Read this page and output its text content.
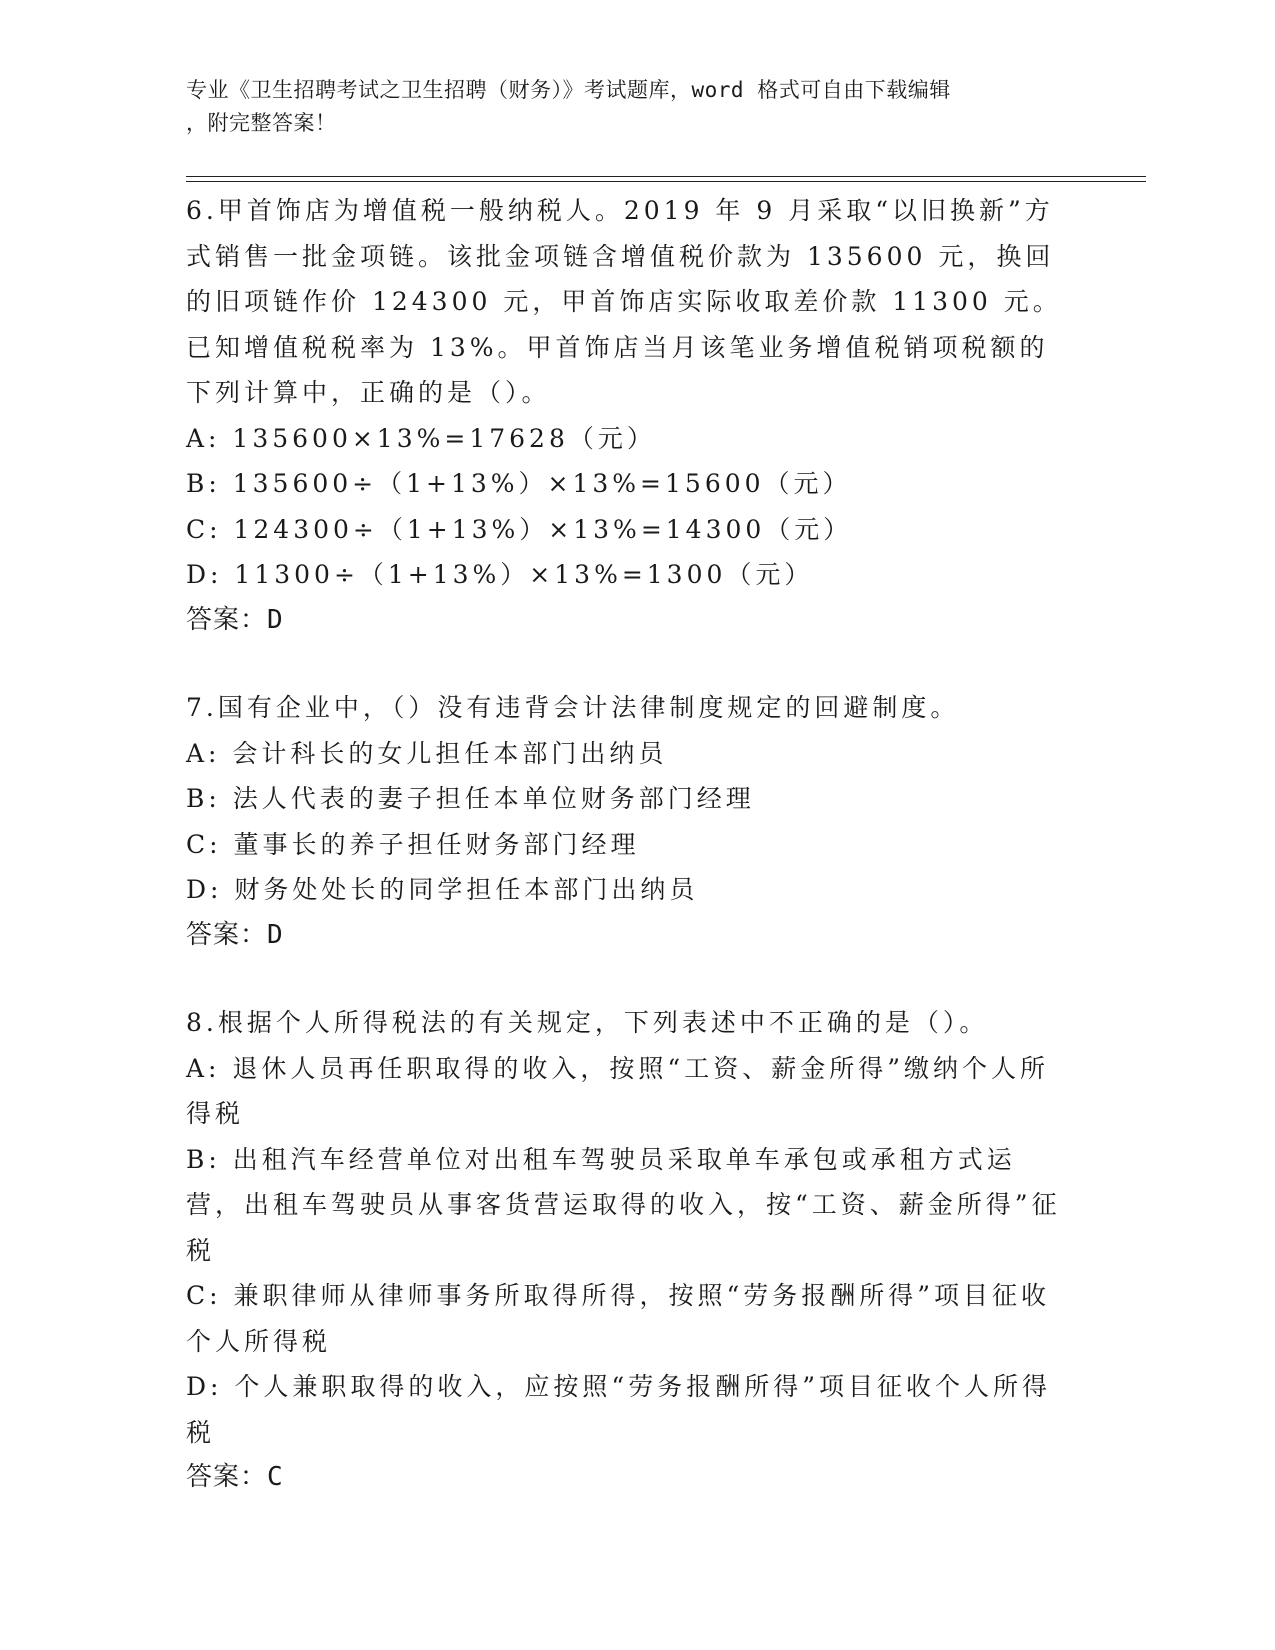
专业《卫生招聘考试之卫生招聘（财务）》考试题库，word 格式可自由下载编辑
，附完整答案！

6.甲首饰店为增值税一般纳税人。2019 年 9 月采取“以旧换新”方式销售一批金项链。该批金项链含增值税价款为 135600 元，换回的旧项链作价 124300 元，甲首饰店实际收取差价款 11300 元。已知增值税税率为 13%。甲首饰店当月该笔业务增值税销项税额的下列计算中，正确的是（）。

A: 135600×13%=17628（元）

B: 135600÷（1+13%）×13%=15600（元）

C: 124300÷（1+13%）×13%=14300（元）

D: 11300÷（1+13%）×13%=1300（元）

答案：D

7.国有企业中，（）没有违背会计法律制度规定的回避制度。

A: 会计科长的女儿担任本部门出纳员

B: 法人代表的妻子担任本单位财务部门经理

C: 董事长的养子担任财务部门经理

D: 财务处处长的同学担任本部门出纳员

答案：D

8.根据个人所得税法的有关规定，下列表述中不正确的是（）。

A: 退休人员再任职取得的收入，按照“工资、薪金所得”缴纳个人所得税

B: 出租汽车经营单位对出租车驾驶员采取单车承包或承租方式运营，出租车驾驶员从事客货营运取得的收入，按“工资、薪金所得”征税

C: 兼职律师从律师事务所取得所得，按照“劳务报酬所得”项目征收个人所得税

D: 个人兼职取得的收入，应按照“劳务报酬所得”项目征收个人所得税

答案：C
